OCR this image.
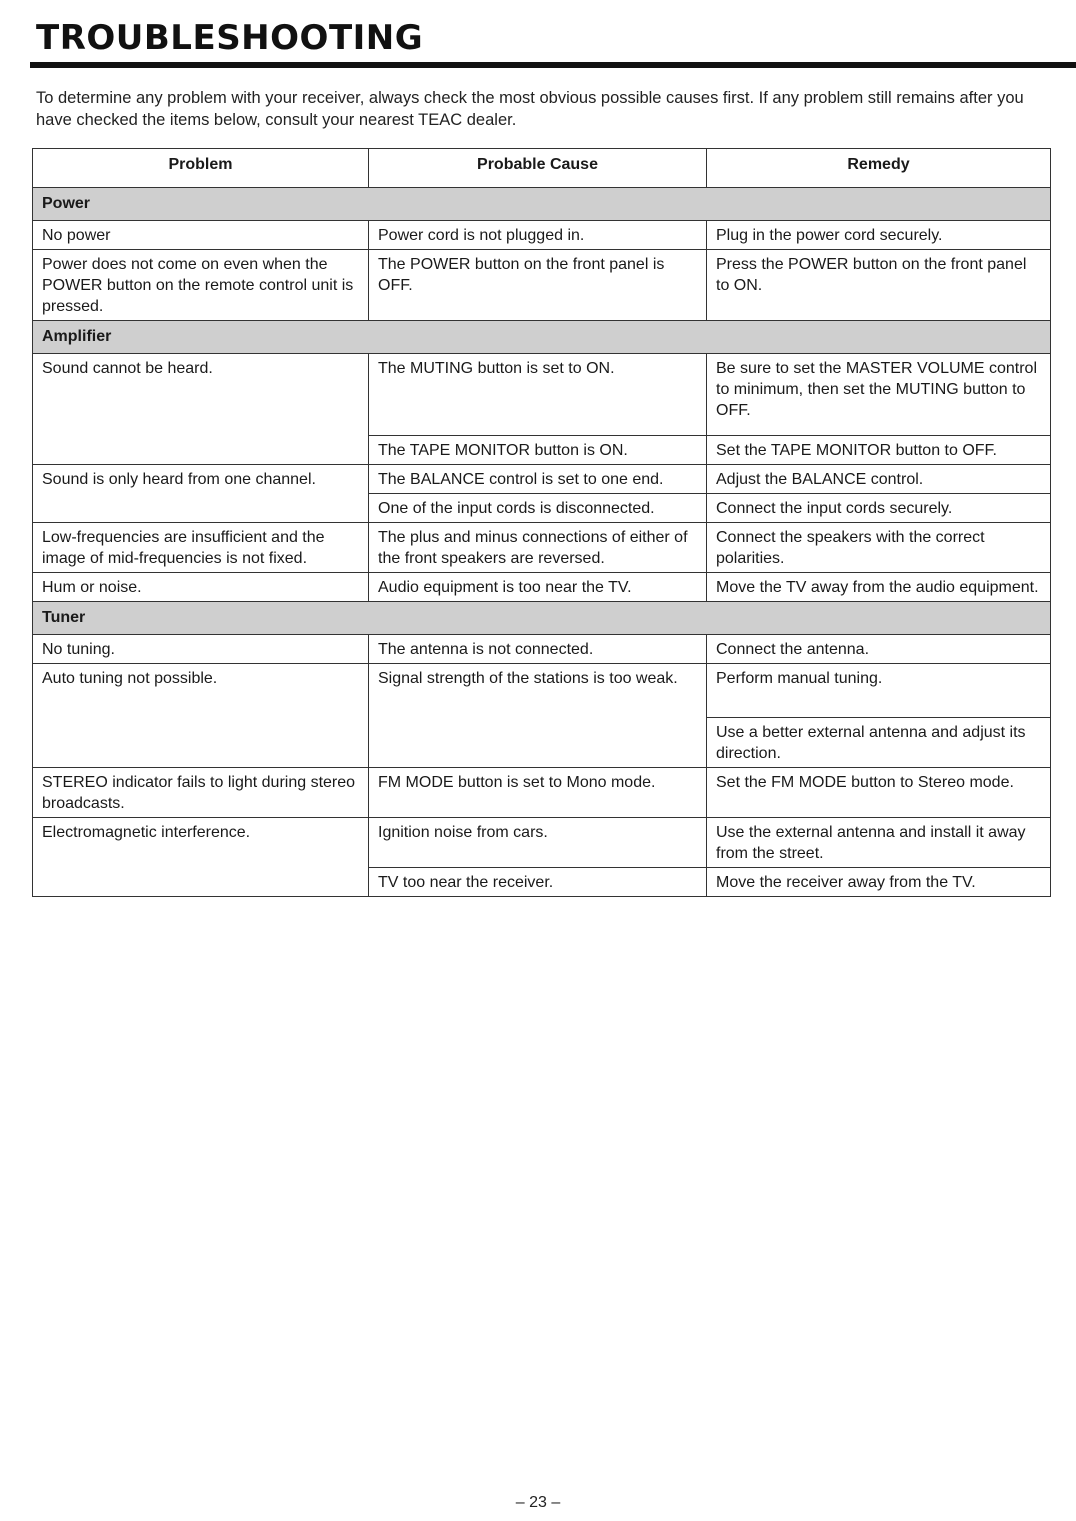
TROUBLESHOOTING
To determine any problem with your receiver, always check the most obvious possible causes first. If any problem still remains after you have checked the items below, consult your nearest TEAC dealer.
Problem	Probable Cause	Remedy
Power		
No power	Power cord is not plugged in.	Plug in the power cord securely.
Power does not come on even when the POWER button on the remote control unit is pressed.	The POWER button on the front panel is OFF.	Press the POWER button on the front panel to ON.
Amplifier		
Sound cannot be heard.	The MUTING button is set to ON.	Be sure to set the MASTER VOLUME control to minimum, then set the MUTING button to OFF.
	The TAPE MONITOR button is ON.	Set the TAPE MONITOR button to OFF.
Sound is only heard from one channel.	The BALANCE control is set to one end.	Adjust the BALANCE control.
	One of the input cords is disconnected.	Connect the input cords securely.
Low-frequencies are insufficient and the image of mid-frequencies is not fixed.	The plus and minus connections of either of the front speakers are reversed.	Connect the speakers with the correct polarities.
Hum or noise.	Audio equipment is too near the TV.	Move the TV away from the audio equipment.
Tuner		
No tuning.	The antenna is not connected.	Connect the antenna.
Auto tuning not possible.	Signal strength of the stations is too weak.	Perform manual tuning.
		Use a better external antenna and adjust its direction.
STEREO indicator fails to light during stereo broadcasts.	FM MODE button is set to Mono mode.	Set the FM MODE button to Stereo mode.
Electromagnetic interference.	Ignition noise from cars.	Use the external antenna and install it away from the street.
	TV too near the receiver.	Move the receiver away from the TV.
– 23 –
